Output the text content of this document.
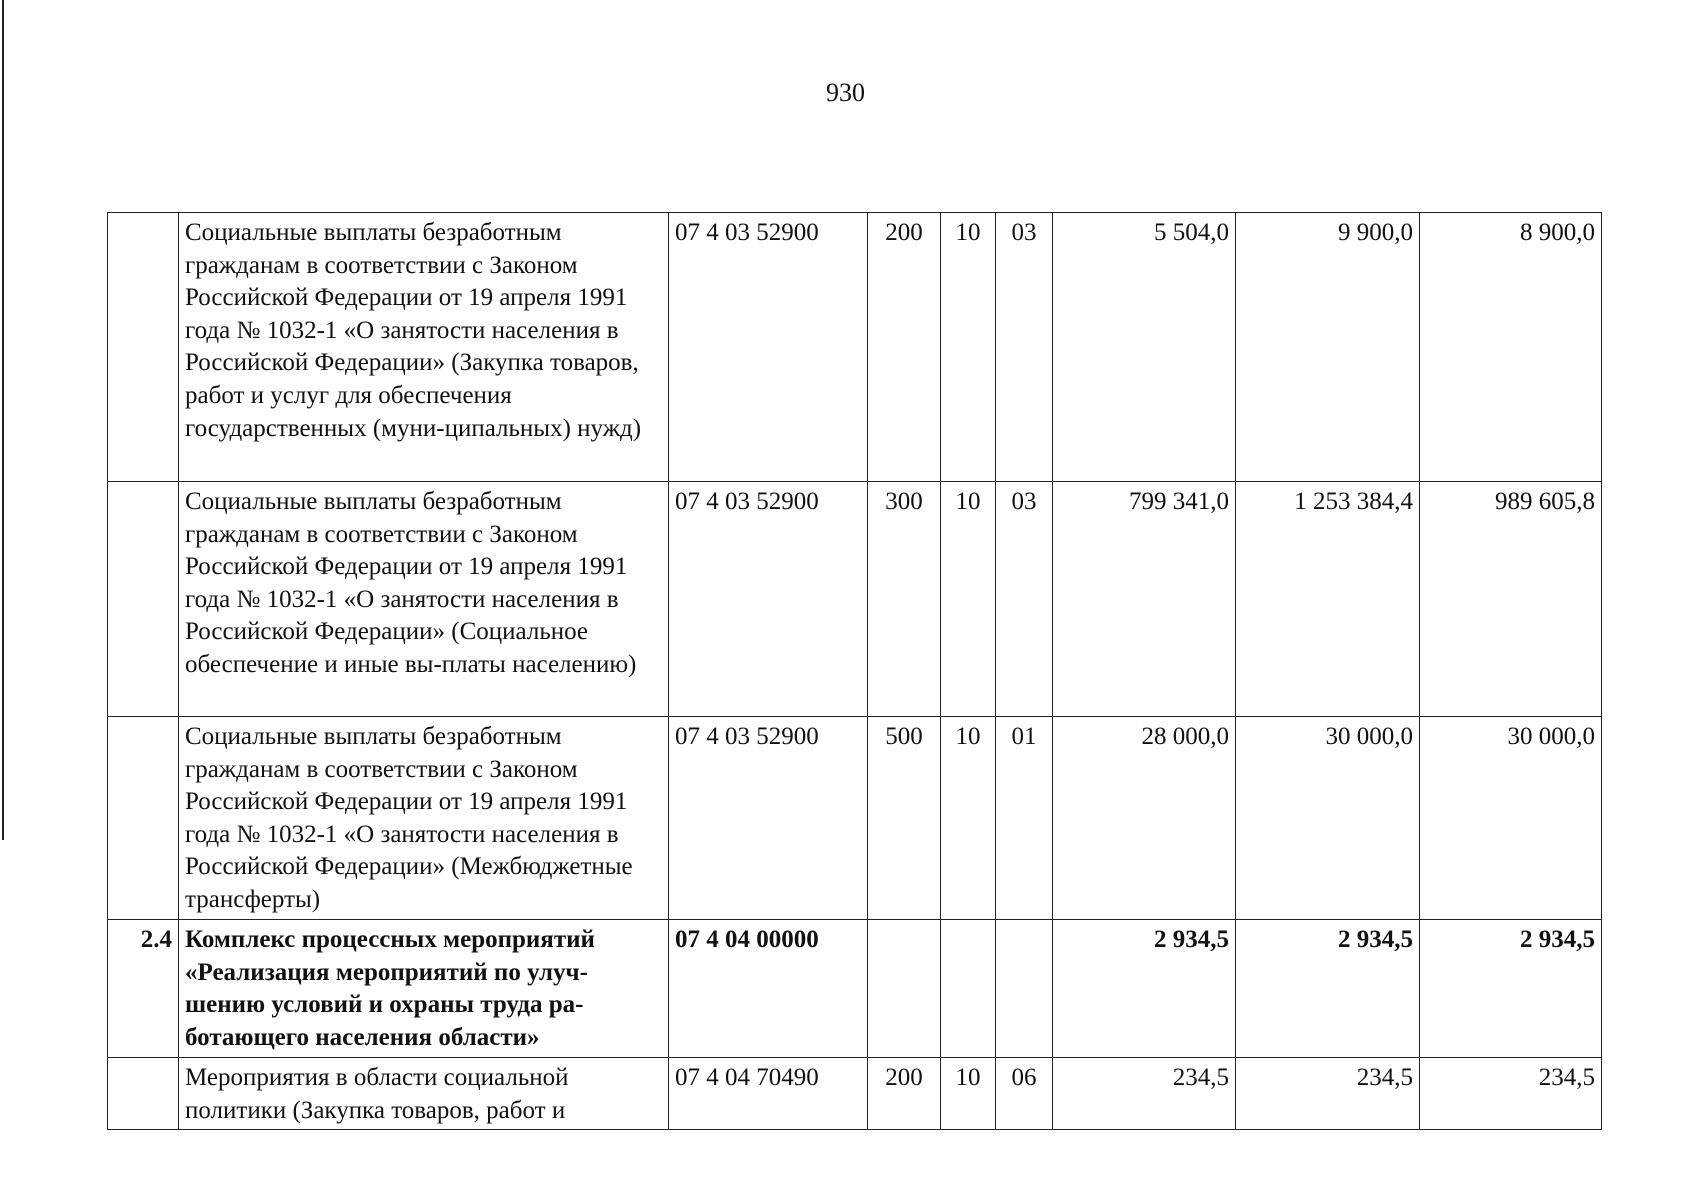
930
	Социальные выплаты безработным гражданам в соответствии с Законом Российской Федерации от 19 апреля 1991 года № 1032-1 «О занятости населения в Российской Федерации» (Закупка товаров, работ и услуг для обеспечения государственных (муни-ципальных) нужд)	07 4 03 52900	200	10	03	5 504,0	9 900,0	8 900,0
	Социальные выплаты безработным гражданам в соответствии с Законом Российской Федерации от 19 апреля 1991 года № 1032-1 «О занятости населения в Российской Федерации» (Социальное обеспечение и иные вы-платы населению)	07 4 03 52900	300	10	03	799 341,0	1 253 384,4	989 605,8
	Социальные выплаты безработным гражданам в соответствии с Законом Российской Федерации от 19 апреля 1991 года № 1032-1 «О занятости населения в Российской Федерации» (Межбюджетные трансферты)	07 4 03 52900	500	10	01	28 000,0	30 000,0	30 000,0
2.4	Комплекс процессных мероприятий «Реализация мероприятий по улуч-шению условий и охраны труда ра-ботающего населения области»	07 4 04 00000				2 934,5	2 934,5	2 934,5
	Мероприятия в области социальной политики (Закупка товаров, работ и	07 4 04 70490	200	10	06	234,5	234,5	234,5
